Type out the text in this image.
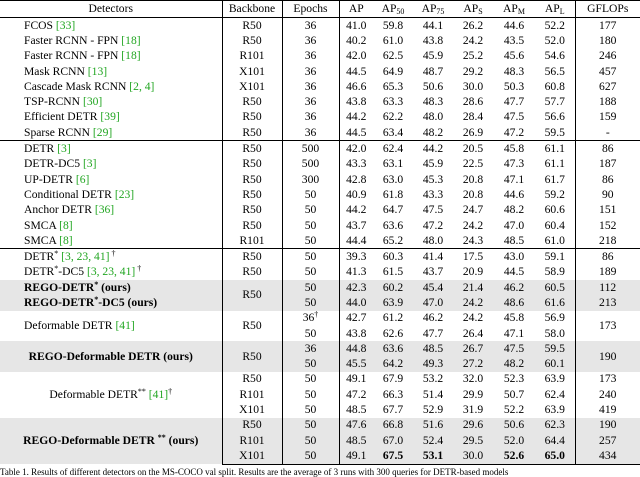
Detectors	Backbone	Epochs	AP	$AP_{50}$	$AP_{75}$	$AP_S$	$AP_M$	$AP_L$	GFLOPs
FCOS [33]	R50	36	41.0	59.8	44.1	26.2	44.6	52.2	177
Faster RCNN - FPN [18]	R50	36	40.2	61.0	43.8	24.2	43.5	52.0	180
Faster RCNN - FPN [18]	R101	36	42.0	62.5	45.9	25.2	45.6	54.6	246
Mask RCNN [13]	X101	36	44.5	64.9	48.7	29.2	48.3	56.5	457
Cascade Mask RCNN [2, 4]	X101	36	46.6	65.3	50.6	30.0	50.3	60.8	627
TSP-RCNN [30]	R50	36	43.8	63.3	48.3	28.6	47.7	57.7	188
Efficient DETR [39]	R50	36	44.2	62.2	48.0	28.4	47.5	56.6	159
Sparse RCNN [29]	R50	36	44.5	63.4	48.2	26.9	47.2	59.5	-
DETR [3]	R50	500	42.0	62.4	44.2	20.5	45.8	61.1	86
DETR-DC5 [3]	R50	500	43.3	63.1	45.9	22.5	47.3	61.1	187
UP-DETR [6]	R50	300	42.8	63.0	45.3	20.8	47.1	61.7	86
Conditional DETR [23]	R50	50	40.9	61.8	43.3	20.8	44.6	59.2	90
Anchor DETR [36]	R50	50	44.2	64.7	47.5	24.7	48.2	60.6	151
SMCA [8]	R50	50	43.7	63.6	47.2	24.2	47.0	60.4	152
SMCA [8]	R101	50	44.4	65.2	48.0	24.3	48.5	61.0	218
DETR* [3, 23, 41] †	R50	50	39.3	60.3	41.4	17.5	43.0	59.1	86
DETR*-DC5 [3, 23, 41] †	R50	50	41.3	61.5	43.7	20.9	44.5	58.9	189
REGO-DETR* (ours)	R50	50	42.3	60.2	45.4	21.4	46.2	60.5	112
REGO-DETR*-DC5 (ours)		50	44.0	63.9	47.0	24.2	48.6	61.6	213
Deformable DETR [41]	R50	36†	42.7	61.2	46.2	24.2	45.8	56.9	173
		50	43.8	62.6	47.7	26.4	47.1	58.0	
REGO-Deformable DETR (ours)	R50	36	44.8	63.6	48.5	26.7	47.5	59.5	190
		50	45.5	64.2	49.3	27.2	48.2	60.1	
Deformable DETR** [41]†	R50	50	49.1	67.9	53.2	32.0	52.3	63.9	173
	R101	50	47.2	66.3	51.4	29.9	50.7	62.4	240
	X101	50	48.5	67.7	52.9	31.9	52.2	63.9	419
REGO-Deformable DETR ** (ours)	R50	50	47.6	66.8	51.6	29.6	50.6	62.3	190
	R101	50	48.5	67.0	52.4	29.5	52.0	64.4	257
	X101	50	49.1	67.5	53.1	30.0	52.6	65.0	434
Table 1. Results of different detectors on the MS-COCO val split. Results are the average of 3 runs with 300 queries for DETR-based models
